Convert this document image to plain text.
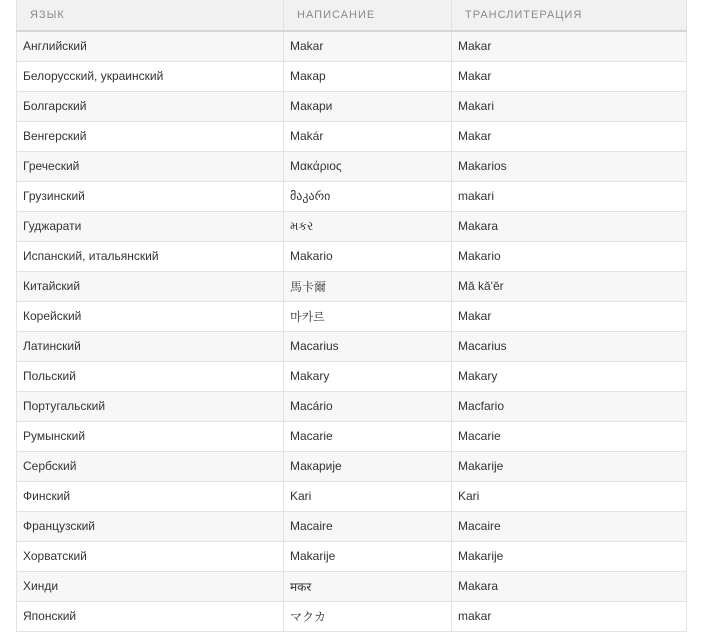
ЯЗЫК	НАПИСАНИЕ	ТРАНСЛИТЕРАЦИЯ
Английский	Makar	Makar
Белорусский, украинский	Макар	Makar
Болгарский	Макари	Makari
Венгерский	Makár	Makar
Греческий	Μακάριος	Makarios
Грузинский	მაკარი	makari
Гуджарати	મકર	Makara
Испанский, итальянский	Makario	Makario
Китайский	馬卡爾	Mǎ kǎ'ěr
Корейский	마카르	Makar
Латинский	Macarius	Macarius
Польский	Makary	Makary
Португальский	Macário	Macfario
Румынский	Macarie	Macarie
Сербский	Макарије	Makarije
Финский	Kari	Kari
Французский	Macaire	Macaire
Хорватский	Makarije	Makarije
Хинди	मकर	Makara
Японский	マクカ	makar
